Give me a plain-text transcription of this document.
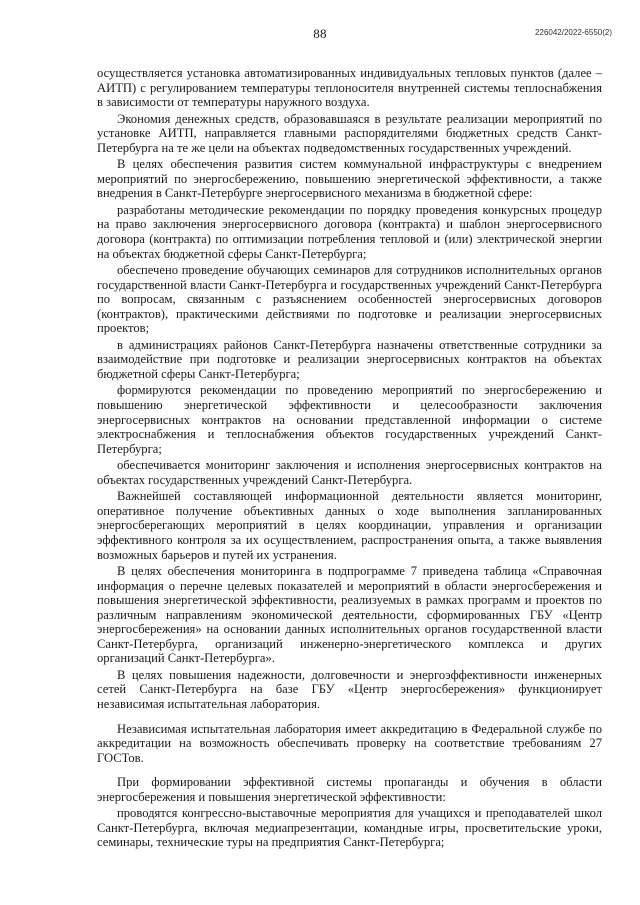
88	226042/2022-6550(2)

осуществляется установка автоматизированных индивидуальных тепловых пунктов (далее – АИТП) с регулированием температуры теплоносителя внутренней системы теплоснабжения в зависимости от температуры наружного воздуха.

Экономия денежных средств, образовавшаяся в результате реализации мероприятий по установке АИТП, направляется главными распорядителями бюджетных средств Санкт-Петербурга на те же цели на объектах подведомственных государственных учреждений.

В целях обеспечения развития систем коммунальной инфраструктуры с внедрением мероприятий по энергосбережению, повышению энергетической эффективности, а также внедрения в Санкт-Петербурге энергосервисного механизма в бюджетной сфере:

разработаны методические рекомендации по порядку проведения конкурсных процедур на право заключения энергосервисного договора (контракта) и шаблон энергосервисного договора (контракта) по оптимизации потребления тепловой и (или) электрической энергии на объектах бюджетной сферы Санкт-Петербурга;

обеспечено проведение обучающих семинаров для сотрудников исполнительных органов государственной власти Санкт-Петербурга и государственных учреждений Санкт-Петербурга по вопросам, связанным с разъяснением особенностей энергосервисных договоров (контрактов), практическими действиями по подготовке и реализации энергосервисных проектов;

в администрациях районов Санкт-Петербурга назначены ответственные сотрудники за взаимодействие при подготовке и реализации энергосервисных контрактов на объектах бюджетной сферы Санкт-Петербурга;

формируются рекомендации по проведению мероприятий по энергосбережению и повышению энергетической эффективности и целесообразности заключения энергосервисных контрактов на основании представленной информации о системе электроснабжения и теплоснабжения объектов государственных учреждений Санкт-Петербурга;

обеспечивается мониторинг заключения и исполнения энергосервисных контрактов на объектах государственных учреждений Санкт-Петербурга.

Важнейшей составляющей информационной деятельности является мониторинг, оперативное получение объективных данных о ходе выполнения запланированных энергосберегающих мероприятий в целях координации, управления и организации эффективного контроля за их осуществлением, распространения опыта, а также выявления возможных барьеров и путей их устранения.

В целях обеспечения мониторинга в подпрограмме 7 приведена таблица «Справочная информация о перечне целевых показателей и мероприятий в области энергосбережения и повышения энергетической эффективности, реализуемых в рамках программ и проектов по различным направлениям экономической деятельности, сформированных ГБУ «Центр энергосбережения» на основании данных исполнительных органов государственной власти Санкт-Петербурга, организаций инженерно-энергетического комплекса и других организаций Санкт-Петербурга».

В целях повышения надежности, долговечности и энергоэффективности инженерных сетей Санкт-Петербурга на базе ГБУ «Центр энергосбережения» функционирует независимая испытательная лаборатория.

Независимая испытательная лаборатория имеет аккредитацию в Федеральной службе по аккредитации на возможность обеспечивать проверку на соответствие требованиям 27 ГОСТов.

При формировании эффективной системы пропаганды и обучения в области энергосбережения и повышения энергетической эффективности:

проводятся конгрессно-выставочные мероприятия для учащихся и преподавателей школ Санкт-Петербурга, включая медиапрезентации, командные игры, просветительские уроки, семинары, технические туры на предприятия Санкт-Петербурга;
